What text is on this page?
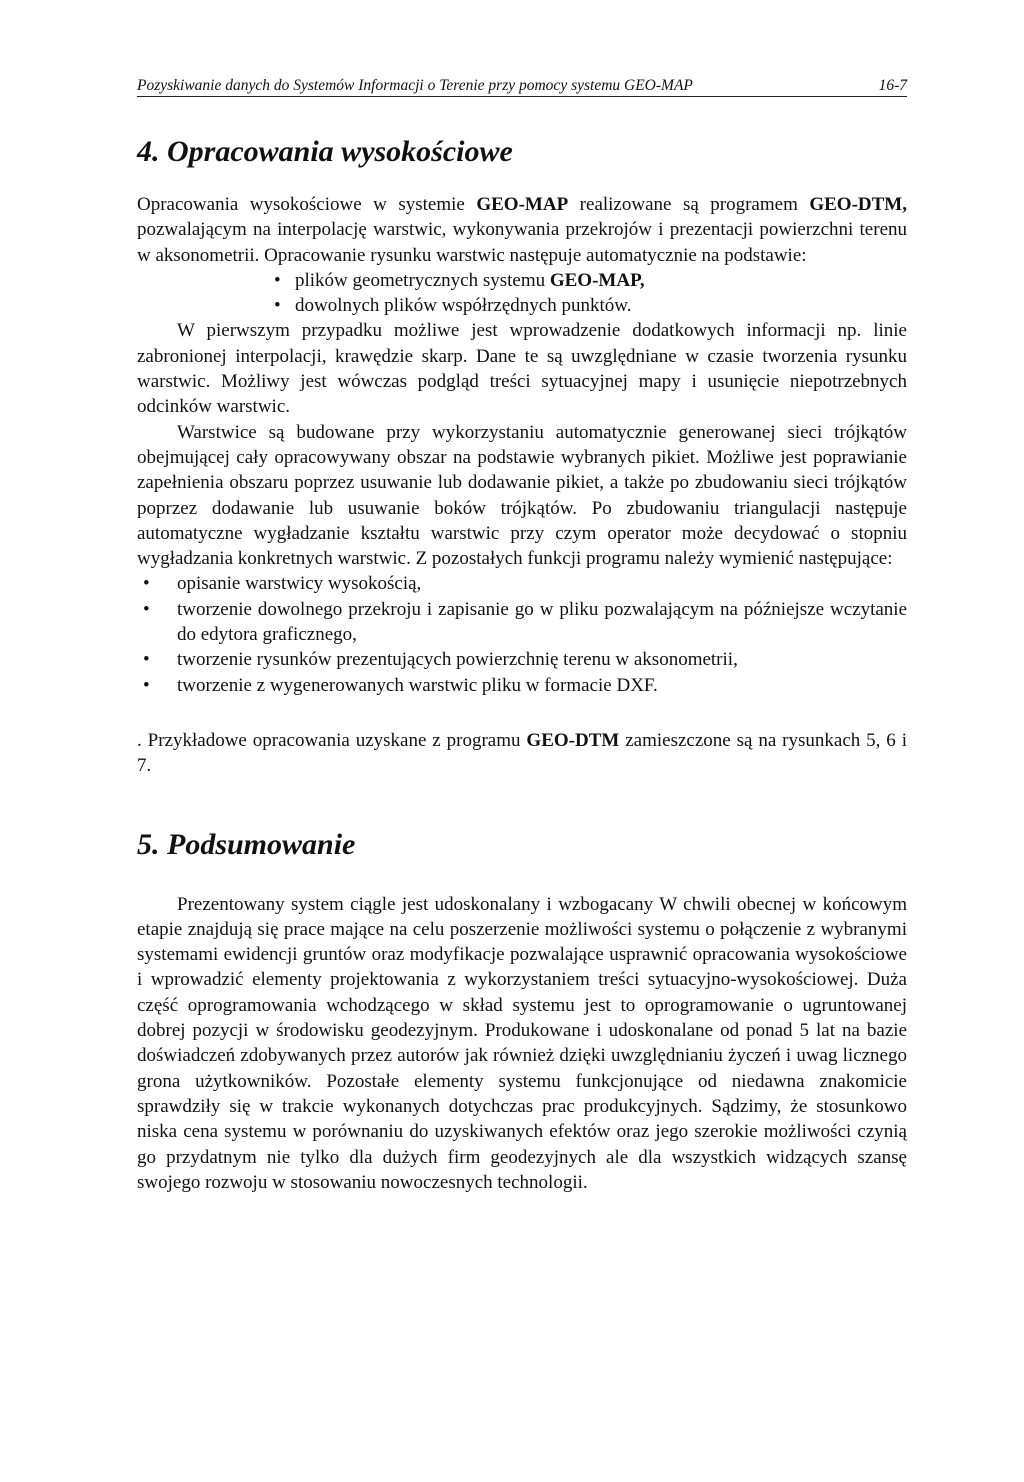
Pozyskiwanie danych do Systemów Informacji o Terenie przy pomocy systemu GEO-MAP	16-7
4. Opracowania wysokościowe

Opracowania wysokościowe w systemie GEO-MAP realizowane są programem GEO-DTM, pozwalającym na interpolację warstwic, wykonywania przekrojów i prezentacji powierzchni terenu w aksonometrii. Opracowanie rysunku warstwic następuje automatycznie na podstawie:

• plików geometrycznych systemu GEO-MAP,
• dowolnych plików współrzędnych punktów.

W pierwszym przypadku możliwe jest wprowadzenie dodatkowych informacji np. linie zabronionej interpolacji, krawędzie skarp. Dane te są uwzględniane w czasie tworzenia rysunku warstwic. Możliwy jest wówczas podgląd treści sytuacyjnej mapy i usunięcie niepotrzebnych odcinków warstwic.

Warstwice są budowane przy wykorzystaniu automatycznie generowanej sieci trójkątów obejmującej cały opracowywany obszar na podstawie wybranych pikiet. Możliwe jest poprawianie zapełnienia obszaru poprzez usuwanie lub dodawanie pikiet, a także po zbudowaniu sieci trójkątów poprzez dodawanie lub usuwanie boków trójkątów. Po zbudowaniu triangulacji następuje automatyczne wygładzanie kształtu warstwic przy czym operator może decydować o stopniu wygładzania konkretnych warstwic. Z pozostałych funkcji programu należy wymienić następujące:

• opisanie warstwicy wysokością,
• tworzenie dowolnego przekroju i zapisanie go w pliku pozwalającym na późniejsze wczytanie do edytora graficznego,
• tworzenie rysunków prezentujących powierzchnię terenu w aksonometrii,
• tworzenie z wygenerowanych warstwic pliku w formacie DXF.

. Przykładowe opracowania uzyskane z programu GEO-DTM zamieszczone są na rysunkach 5, 6 i 7.

5. Podsumowanie

Prezentowany system ciągle jest udoskonalany i wzbogacany W chwili obecnej w końcowym etapie znajdują się prace mające na celu poszerzenie możliwości systemu o połączenie z wybranymi systemami ewidencji gruntów oraz modyfikacje pozwalające usprawnić opracowania wysokościowe i wprowadzić elementy projektowania z wykorzystaniem treści sytuacyjno-wysokościowej. Duża część oprogramowania wchodzącego w skład systemu jest to oprogramowanie o ugruntowanej dobrej pozycji w środowisku geodezyjnym. Produkowane i udoskonalane od ponad 5 lat na bazie doświadczeń zdobywanych przez autorów jak również dzięki uwzględnianiu życzeń i uwag licznego grona użytkowników. Pozostałe elementy systemu funkcjonujące od niedawna znakomicie sprawdziły się w trakcie wykonanych dotychczas prac produkcyjnych. Sądzimy, że stosunkowo niska cena systemu w porównaniu do uzyskiwanych efektów oraz jego szerokie możliwości czynią go przydatnym nie tylko dla dużych firm geodezyjnych ale dla wszystkich widzących szansę swojego rozwoju w stosowaniu nowoczesnych technologii.
